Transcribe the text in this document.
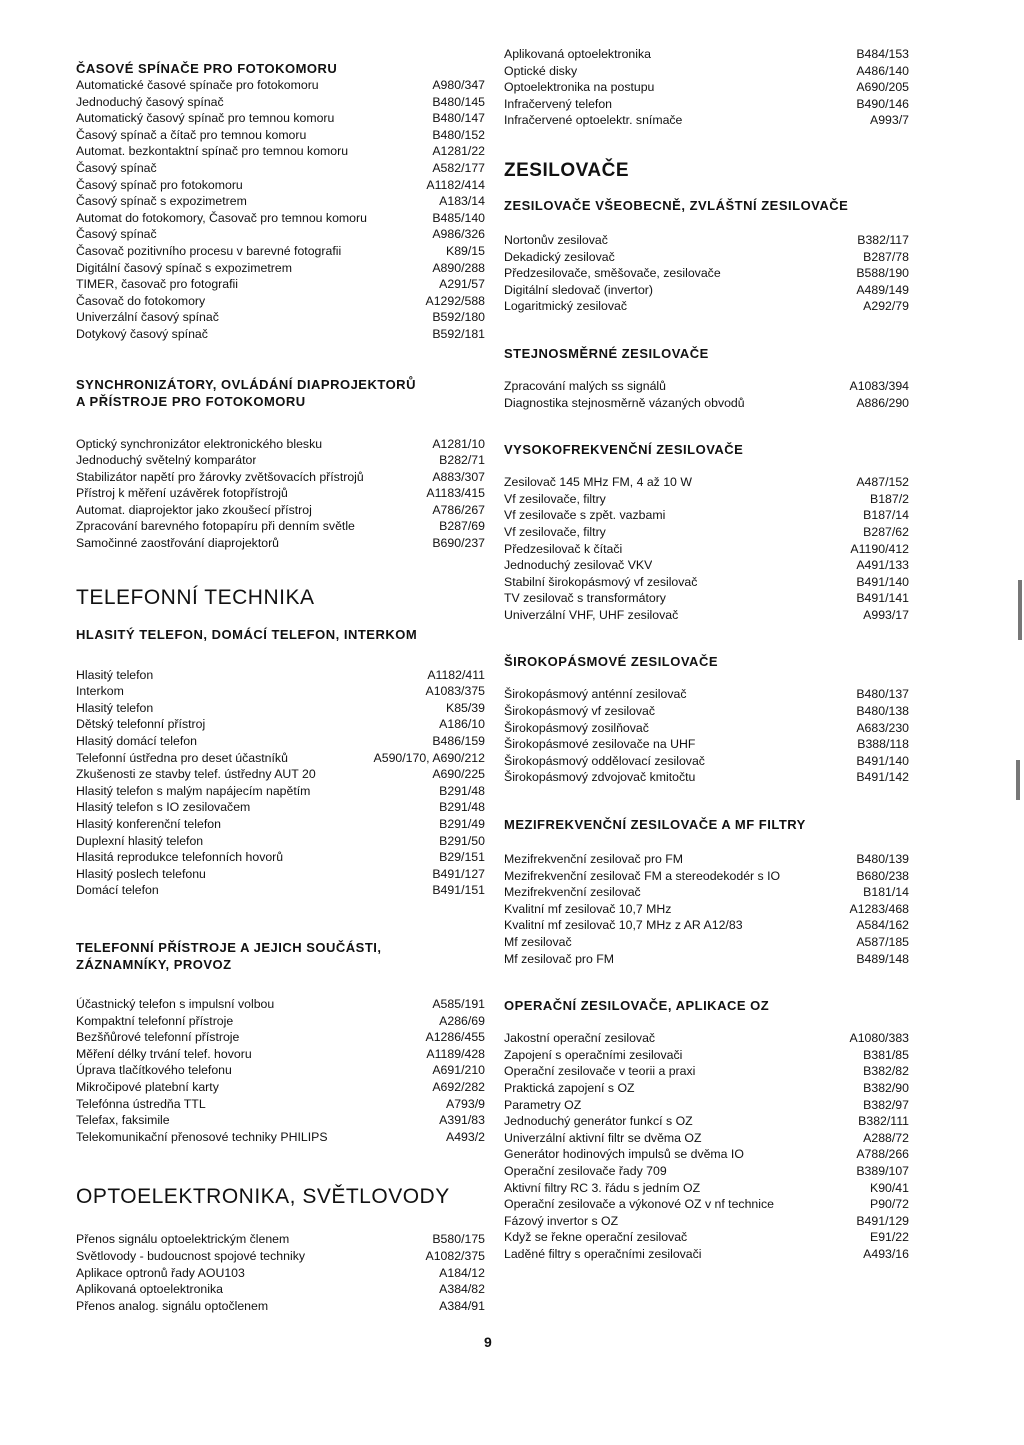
ČASOVÉ SPÍNAČE PRO FOTOKOMORU
Automatické časové spínače pro fotokomoru	A980/347
Jednoduchý časový spínač	B480/145
Automatický časový spínač pro temnou komoru	B480/147
Časový spínač a čítač pro temnou komoru	B480/152
Automat. bezkontaktní spínač pro temnou komoru	A1281/22
Časový spínač	A582/177
Časový spínač pro fotokomoru	A1182/414
Časový spínač s expozimetrem	A183/14
Automat do fotokomory, Časovač pro temnou komoru	B485/140
Časový spínač	A986/326
Časovač pozitivního procesu v barevné fotografii	K89/15
Digitální časový spínač s expozimetrem	A890/288
TIMER, časovač pro fotografii	A291/57
Časovač do fotokomory	A1292/588
Univerzální časový spínač	B592/180
Dotykový časový spínač	B592/181
SYNCHRONIZÁTORY, OVLÁDÁNÍ DIAPROJEKTORŮ
A PŘÍSTROJE PRO FOTOKOMORU
Optický synchronizátor elektronického blesku	A1281/10
Jednoduchý světelný komparátor	B282/71
Stabilizátor napětí pro žárovky zvětšovacích přístrojů	A883/307
Přístroj k měření uzávěrek fotopřístrojů	A1183/415
Automat. diaprojektor jako zkoušecí přístroj	A786/267
Zpracování barevného fotopapíru při denním světle	B287/69
Samočinné zaostřování diaprojektorů	B690/237
TELEFONNÍ TECHNIKA
HLASITÝ TELEFON, DOMÁCÍ TELEFON, INTERKOM
Hlasitý telefon	A1182/411
Interkom	A1083/375
Hlasitý telefon	K85/39
Dětský telefonní přístroj	A186/10
Hlasitý domácí telefon	B486/159
Telefonní ústředna pro deset účastníků	A590/170, A690/212
Zkušenosti ze stavby telef. ústředny AUT 20	A690/225
Hlasitý telefon s malým napájecím napětím	B291/48
Hlasitý telefon s IO zesilovačem	B291/48
Hlasitý konferenční telefon	B291/49
Duplexní hlasitý telefon	B291/50
Hlasitá reprodukce telefonních hovorů	B29/151
Hlasitý poslech telefonu	B491/127
Domácí telefon	B491/151
TELEFONNÍ PŘÍSTROJE A JEJICH SOUČÁSTI,
ZÁZNAMNÍKY, PROVOZ
Účastnický telefon s impulsní volbou	A585/191
Kompaktní telefonní přístroje	A286/69
Bezšňůrové telefonní přístroje	A1286/455
Měření délky trvání telef. hovoru	A1189/428
Úprava tlačítkového telefonu	A691/210
Mikročipové platební karty	A692/282
Telefónna ústredňa TTL	A793/9
Telefax, faksimile	A391/83
Telekomunikační přenosové techniky PHILIPS	A493/2
OPTOELEKTRONIKA, SVĚTLOVODY
Přenos signálu optoelektrickým členem	B580/175
Světlovody - budoucnost spojové techniky	A1082/375
Aplikace optronů řady AOU103	A184/12
Aplikovaná optoelektronika	A384/82
Přenos analog. signálu optočlenem	A384/91
Aplikovaná optoelektronika	B484/153
Optické disky	A486/140
Optoelektronika na postupu	A690/205
Infračervený telefon	B490/146
Infračervené optoelektr. snímače	A993/7
ZESILOVAČE
ZESILOVAČE VŠEOBECNĚ, ZVLÁŠTNÍ ZESILOVAČE
Nortonův zesilovač	B382/117
Dekadický zesilovač	B287/78
Předzesilovače, směšovače, zesilovače	B588/190
Digitální sledovač (invertor)	A489/149
Logaritmický zesilovač	A292/79
STEJNOSMĚRNÉ ZESILOVAČE
Zpracování malých ss signálů	A1083/394
Diagnostika stejnosměrně vázaných obvodů	A886/290
VYSOKOFREKVENČNÍ ZESILOVAČE
Zesilovač 145 MHz FM, 4 až 10 W	A487/152
Vf zesilovače, filtry	B187/2
Vf zesilovače s zpět. vazbami	B187/14
Vf zesilovače, filtry	B287/62
Předzesilovač k čítači	A1190/412
Jednoduchý zesilovač VKV	A491/133
Stabilní širokopásmový vf zesilovač	B491/140
TV zesilovač s transformátory	B491/141
Univerzální VHF, UHF zesilovač	A993/17
ŠIROKOPÁSMOVÉ ZESILOVAČE
Širokopásmový anténní zesilovač	B480/137
Širokopásmový vf zesilovač	B480/138
Širokopásmový zosilňovač	A683/230
Širokopásmové zesilovače na UHF	B388/118
Širokopásmový oddělovací zesilovač	B491/140
Širokopásmový zdvojovač kmitočtu	B491/142
MEZIFREKVENČNÍ ZESILOVAČE A MF FILTRY
Mezifrekvenční zesilovač pro FM	B480/139
Mezifrekvenční zesilovač FM a stereodekodér s IO	B680/238
Mezifrekvenční zesilovač	B181/14
Kvalitní mf zesilovač 10,7 MHz	A1283/468
Kvalitní mf zesilovač 10,7 MHz z AR A12/83	A584/162
Mf zesilovač	A587/185
Mf zesilovač pro FM	B489/148
OPERAČNÍ ZESILOVAČE, APLIKACE OZ
Jakostní operační zesilovač	A1080/383
Zapojení s operačními zesilovači	B381/85
Operační zesilovače v teorii a praxi	B382/82
Praktická zapojení s OZ	B382/90
Parametry OZ	B382/97
Jednoduchý generátor funkcí s OZ	B382/111
Univerzální aktivní filtr se dvěma OZ	A288/72
Generátor hodinových impulsů se dvěma IO	A788/266
Operační zesilovače řady 709	B389/107
Aktivní filtry RC 3. řádu s jedním OZ	K90/41
Operační zesilovače a výkonové OZ v nf technice	P90/72
Fázový invertor s OZ	B491/129
Když se řekne operační zesilovač	E91/22
Laděné filtry s operačními zesilovači	A493/16
9
